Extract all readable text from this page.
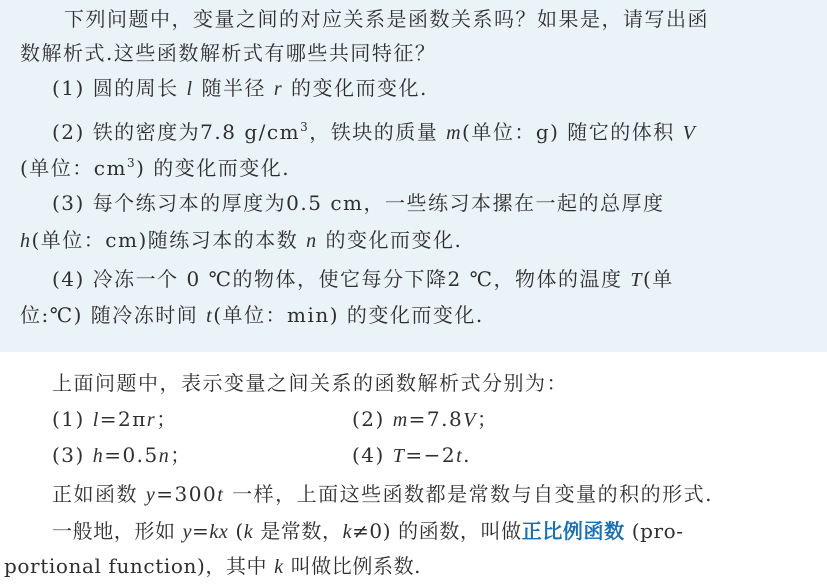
下列问题中，变量之间的对应关系是函数关系吗？如果是，请写出函
数解析式.这些函数解析式有哪些共同特征？
(1) 圆的周长 l 随半径 r 的变化而变化.
(2) 铁的密度为7.8 $g/cm^3$，铁块的质量 m(单位：g) 随它的体积 V
(单位：$cm^3$) 的变化而变化.
(3) 每个练习本的厚度为0.5 cm，一些练习本摞在一起的总厚度
h(单位：cm)随练习本的本数 n 的变化而变化.
(4) 冷冻一个 0 ℃的物体，使它每分下降2 ℃，物体的温度 T(单
位:℃) 随冷冻时间 t(单位：min) 的变化而变化.
上面问题中，表示变量之间关系的函数解析式分别为：
(1) l=2πr；	(2) m=7.8V；
(3) h=0.5n；	(4) T=−2t.
正如函数 y=300t 一样，上面这些函数都是常数与自变量的积的形式.
一般地，形如 y=kx (k 是常数，k≠0) 的函数，叫做正比例函数 (pro-
portional function)，其中 k 叫做比例系数.
